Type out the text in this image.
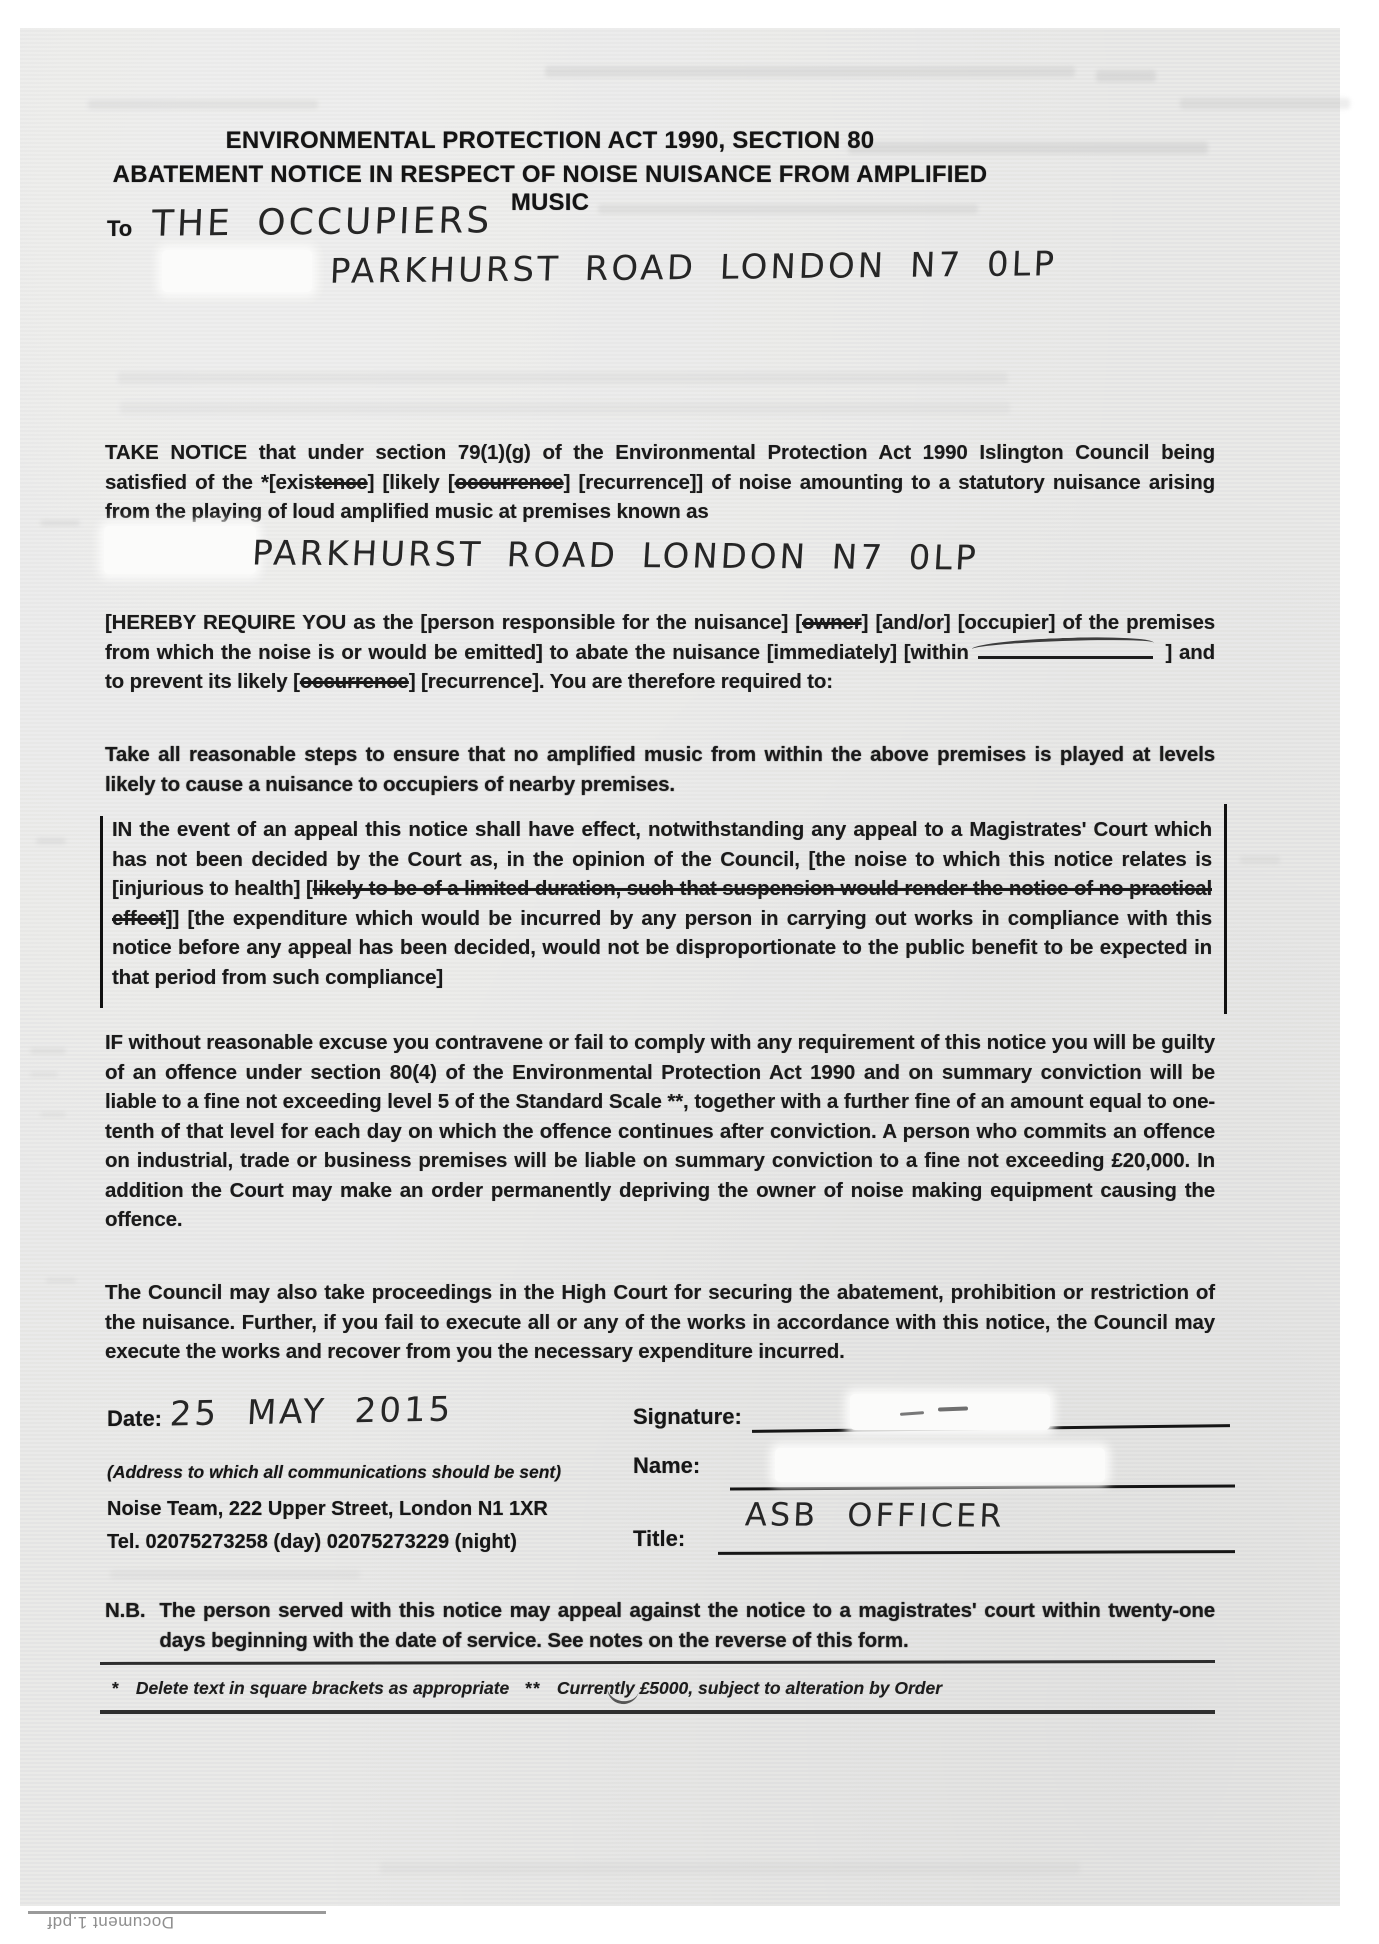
ENVIRONMENTAL PROTECTION ACT 1990, SECTION 80
ABATEMENT NOTICE IN RESPECT OF NOISE NUISANCE FROM AMPLIFIED MUSIC
To THE OCCUPIERS
PARKHURST ROAD LONDON N7 0LP
TAKE NOTICE that under section 79(1)(g) of the Environmental Protection Act 1990 Islington Council being satisfied of the *[existence] [likely [occurrence] [recurrence]] of noise amounting to a statutory nuisance arising from the playing of loud amplified music at premises known as
PARKHURST ROAD LONDON N7 0LP
[HEREBY REQUIRE YOU as the [person responsible for the nuisance] [owner] [and/or] [occupier] of the premises from which the noise is or would be emitted] to abate the nuisance [immediately] [within	] and to prevent its likely [occurrence] [recurrence]. You are therefore required to:
Take all reasonable steps to ensure that no amplified music from within the above premises is played at levels likely to cause a nuisance to occupiers of nearby premises.
IN the event of an appeal this notice shall have effect, notwithstanding any appeal to a Magistrates' Court which has not been decided by the Court as, in the opinion of the Council, [the noise to which this notice relates is [injurious to health] [likely to be of a limited duration, such that suspension would render the notice of no practical effect]] [the expenditure which would be incurred by any person in carrying out works in compliance with this notice before any appeal has been decided, would not be disproportionate to the public benefit to be expected in that period from such compliance]
IF without reasonable excuse you contravene or fail to comply with any requirement of this notice you will be guilty of an offence under section 80(4) of the Environmental Protection Act 1990 and on summary conviction will be liable to a fine not exceeding level 5 of the Standard Scale **, together with a further fine of an amount equal to one-tenth of that level for each day on which the offence continues after conviction. A person who commits an offence on industrial, trade or business premises will be liable on summary conviction to a fine not exceeding £20,000. In addition the Court may make an order permanently depriving the owner of noise making equipment causing the offence.
The Council may also take proceedings in the High Court for securing the abatement, prohibition or restriction of the nuisance. Further, if you fail to execute all or any of the works in accordance with this notice, the Council may execute the works and recover from you the necessary expenditure incurred.
Date: 25 MAY 2015	Signature:
(Address to which all communications should be sent)	Name:
Noise Team, 222 Upper Street, London N1 1XR
Tel. 02075273258 (day) 02075273229 (night)	Title:
ASB OFFICER
N.B. The person served with this notice may appeal against the notice to a magistrates' court within twenty-one days beginning with the date of service. See notes on the reverse of this form.
* Delete text in square brackets as appropriate ** Currently £5000, subject to alteration by Order
Document 1.pdf
